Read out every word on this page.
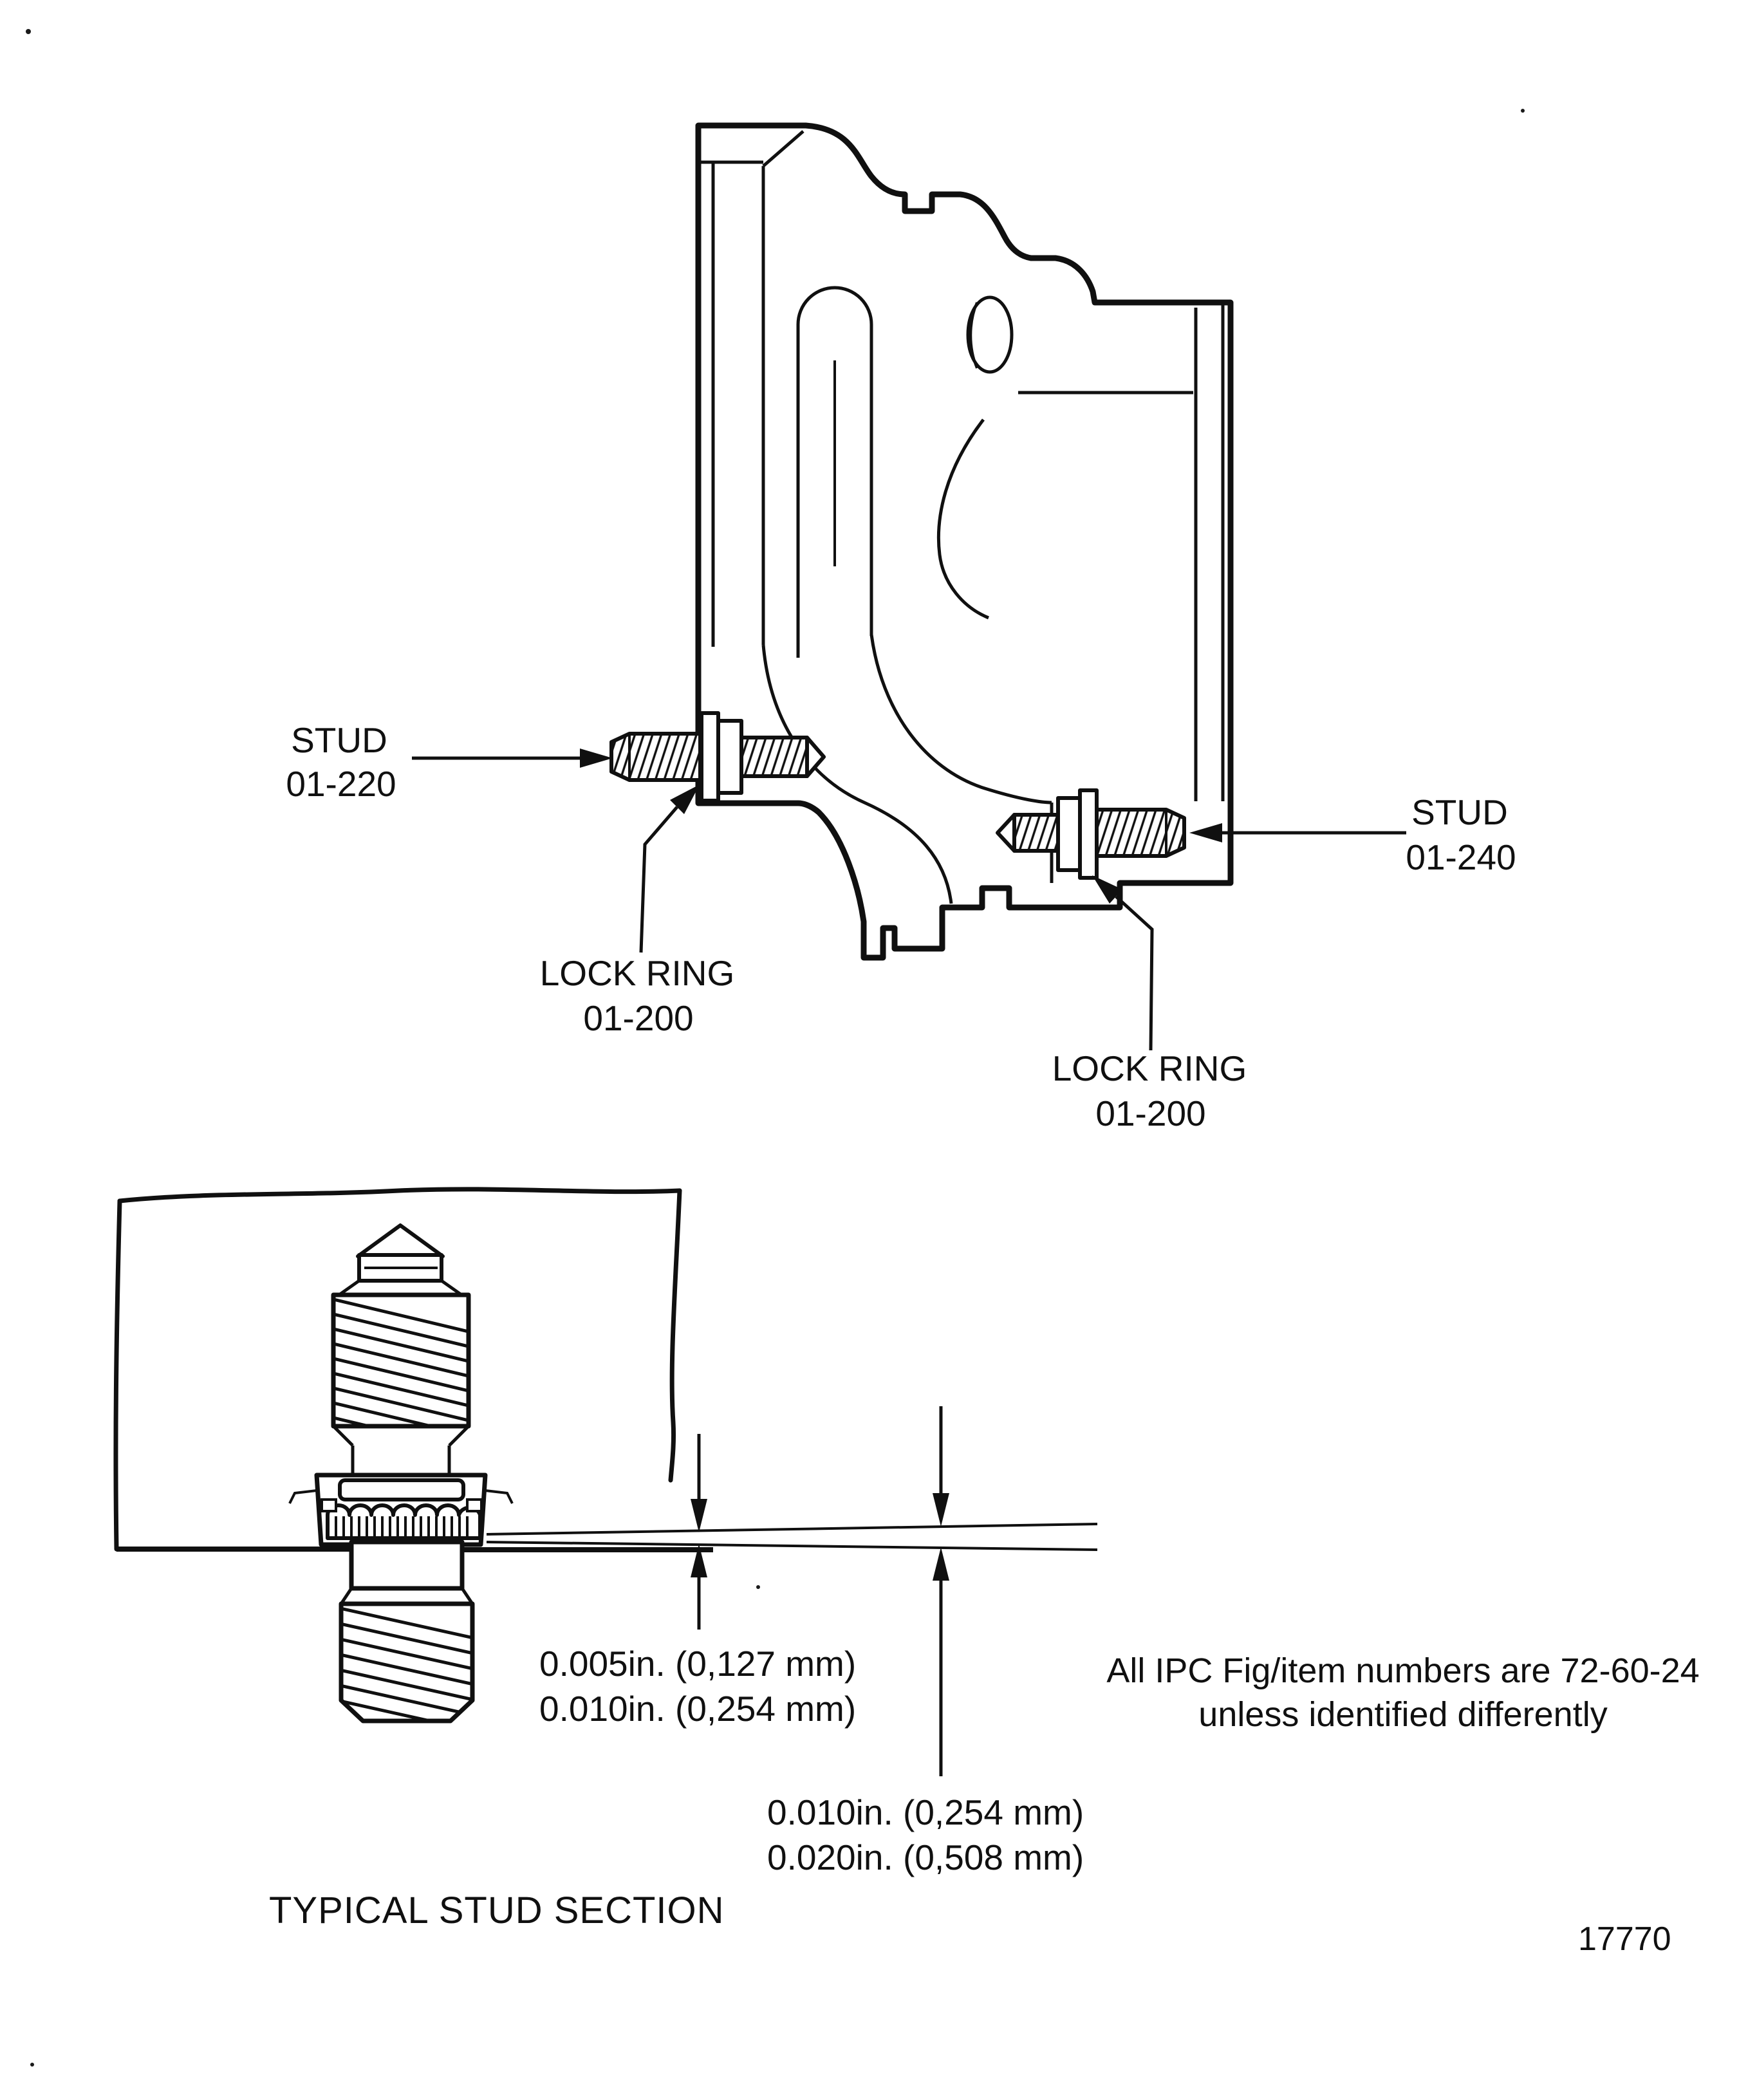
STUD
01-220
LOCK RING
01-200
STUD
01-240
LOCK RING
01-200
0.005in. (0,127 mm)
0.010in. (0,254 mm)
0.010in. (0,254 mm)
0.020in. (0,508 mm)
All IPC Fig/item numbers are 72-60-24
unless identified differently
TYPICAL STUD SECTION
17770
